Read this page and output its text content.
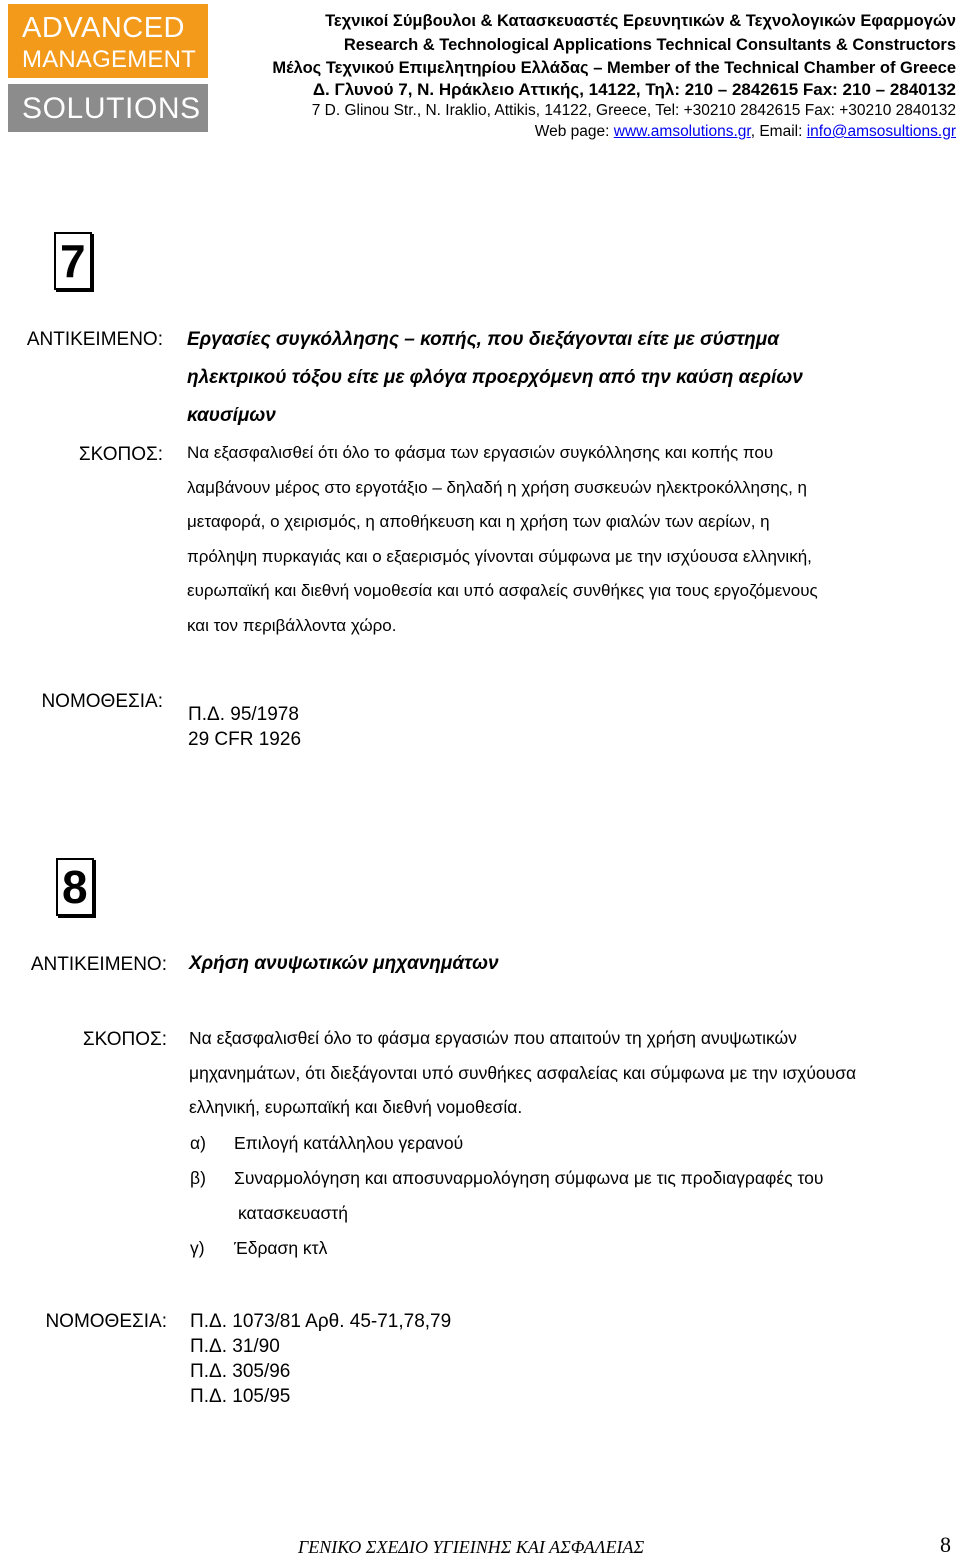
ADVANCED
MANAGEMENT
SOLUTIONS
Τεχνικοί Σύμβουλοι & Κατασκευαστές Ερευνητικών & Τεχνολογικών Εφαρμογών
Research & Technological Applications Technical Consultants & Constructors
Μέλος Τεχνικού Επιμελητηρίου Ελλάδας – Member of the Technical Chamber of Greece
Δ. Γλυνού 7, Ν. Ηράκλειο Αττικής, 14122, Τηλ: 210 – 2842615 Fax: 210 – 2840132
7 D. Glinou Str., N. Iraklio, Attikis, 14122, Greece, Tel: +30210 2842615 Fax: +30210 2840132
Web page: www.amsolutions.gr, Email: info@amsosultions.gr
7
ΑΝΤΙΚΕΙΜΕΝΟ: Εργασίες συγκόλλησης – κοπής, που διεξάγονται είτε με σύστημα
ηλεκτρικού τόξου είτε με φλόγα προερχόμενη από την καύση αερίων
καυσίμων
ΣΚΟΠΟΣ: Να εξασφαλισθεί ότι όλο το φάσμα των εργασιών συγκόλλησης και κοπής που
λαμβάνουν μέρος στο εργοτάξιο – δηλαδή η χρήση συσκευών ηλεκτροκόλλησης, η
μεταφορά, ο χειρισμός, η αποθήκευση και η χρήση των φιαλών των αερίων, η
πρόληψη πυρκαγιάς και ο εξαερισμός γίνονται σύμφωνα με την ισχύουσα ελληνική,
ευρωπαϊκή και διεθνή νομοθεσία και υπό ασφαλείς συνθήκες για τους εργοζόμενους
και τον περιβάλλοντα χώρο.
ΝΟΜΟΘΕΣΙΑ:
Π.Δ. 95/1978
29 CFR 1926
8
ΑΝΤΙΚΕΙΜΕΝΟ: Χρήση ανυψωτικών μηχανημάτων
ΣΚΟΠΟΣ: Να εξασφαλισθεί όλο το φάσμα εργασιών που απαιτούν τη χρήση ανυψωτικών
μηχανημάτων, ότι διεξάγονται υπό συνθήκες ασφαλείας και σύμφωνα με την ισχύουσα
ελληνική, ευρωπαϊκή και διεθνή νομοθεσία.
α) Επιλογή κατάλληλου γερανού
β) Συναρμολόγηση και αποσυναρμολόγηση σύμφωνα με τις προδιαγραφές του
κατασκευαστή
γ) Έδραση κτλ
ΝΟΜΟΘΕΣΙΑ: Π.Δ. 1073/81 Αρθ. 45-71,78,79
Π.Δ. 31/90
Π.Δ. 305/96
Π.Δ. 105/95
ΓΕΝΙΚΟ ΣΧΕΔΙΟ ΥΓΙΕΙΝΗΣ ΚΑΙ ΑΣΦΑΛΕΙΑΣ	8
